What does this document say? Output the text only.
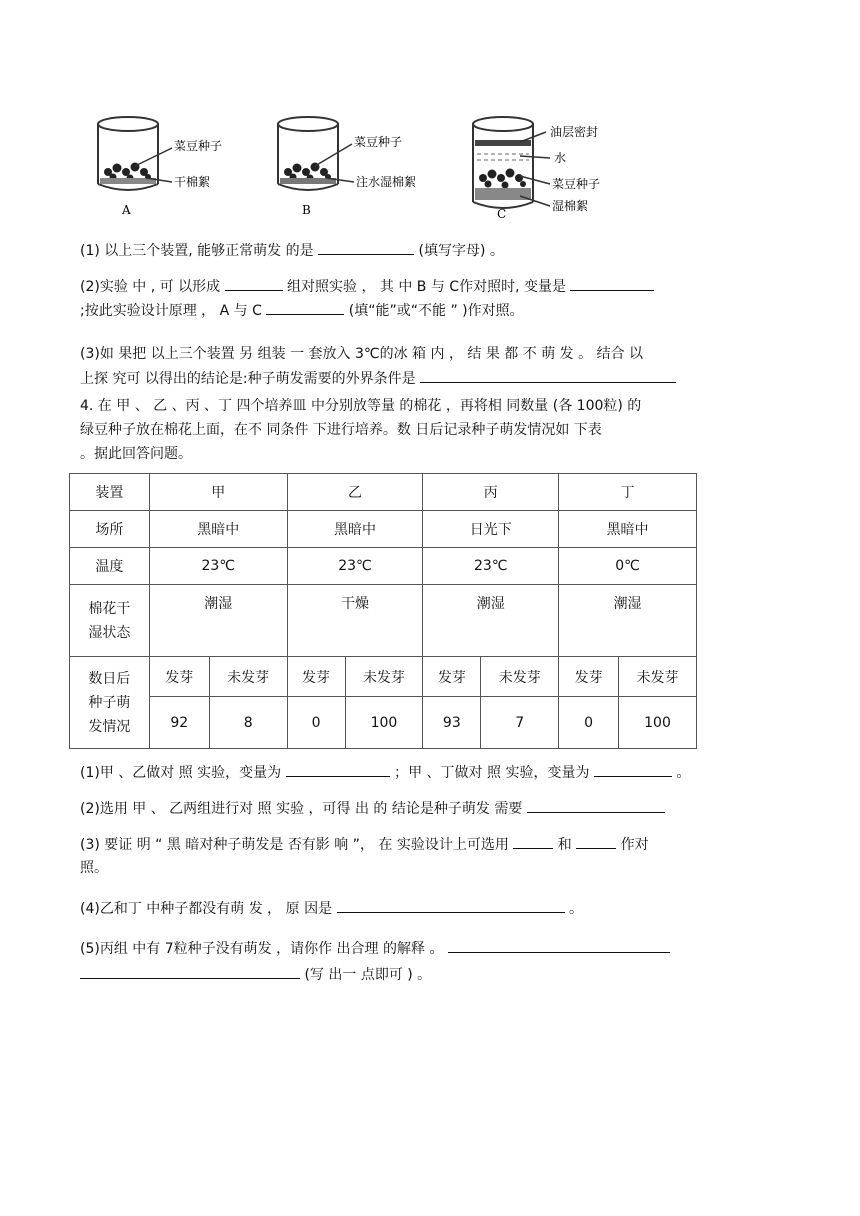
菜豆种子
干棉絮
A
菜豆种子
注水湿棉絮
B
油层密封
水
菜豆种子
湿棉絮
C
(1) 以上三个装置, 能够正常萌发 的是	(填写字母) 。
(2)实验 中 , 可 以形成	组对照实验 ， 其 中 B 与 C作对照时, 变量是
;按此实验设计原理 ， A 与 C	(填“能”或“不能 ” )作对照。
(3)如 果把 以上三个装置 另 组装 一 套放入 3℃的冰 箱 内 ， 结 果 都 不 萌 发 。 结合 以
上探 究可 以得出的结论是:种子萌发需要的外界条件是
4. 在 甲 、 乙 、丙 、丁 四个培养皿 中分别放等量 的棉花 ，再将相 同数量 (各 100粒) 的
绿豆种子放在棉花上面，在不 同条件 下进行培养。数 日后记录种子萌发情况如 下表
。据此回答问题。
装置	甲		乙		丙		丁	
场所	黑暗中		黑暗中		日光下		黑暗中	
温度	23℃		23℃		23℃		0℃	

棉花干
湿状态	潮湿		干燥		潮湿		潮湿	

数日后
种子萌
发情况	发芽	未发芽	发芽	未发芽	发芽	未发芽	发芽	未发芽
	92	8	0	100	93	7	0	100
(1)甲 、乙做对 照 实验，变量为	；甲 、丁做对 照 实验，变量为	。
(2)选用 甲 、 乙两组进行对 照 实验 ，可得 出 的 结论是种子萌发 需要
(3) 要证 明 “ 黑 暗对种子萌发是 否有影 响 ”， 在 实验设计上可选用	和	作对
照。
(4)乙和丁 中种子都没有萌 发 ， 原 因是	。
(5)丙组 中有 7粒种子没有萌发 ，请你作 出合理 的解释 。
(写 出一 点即可 ) 。
